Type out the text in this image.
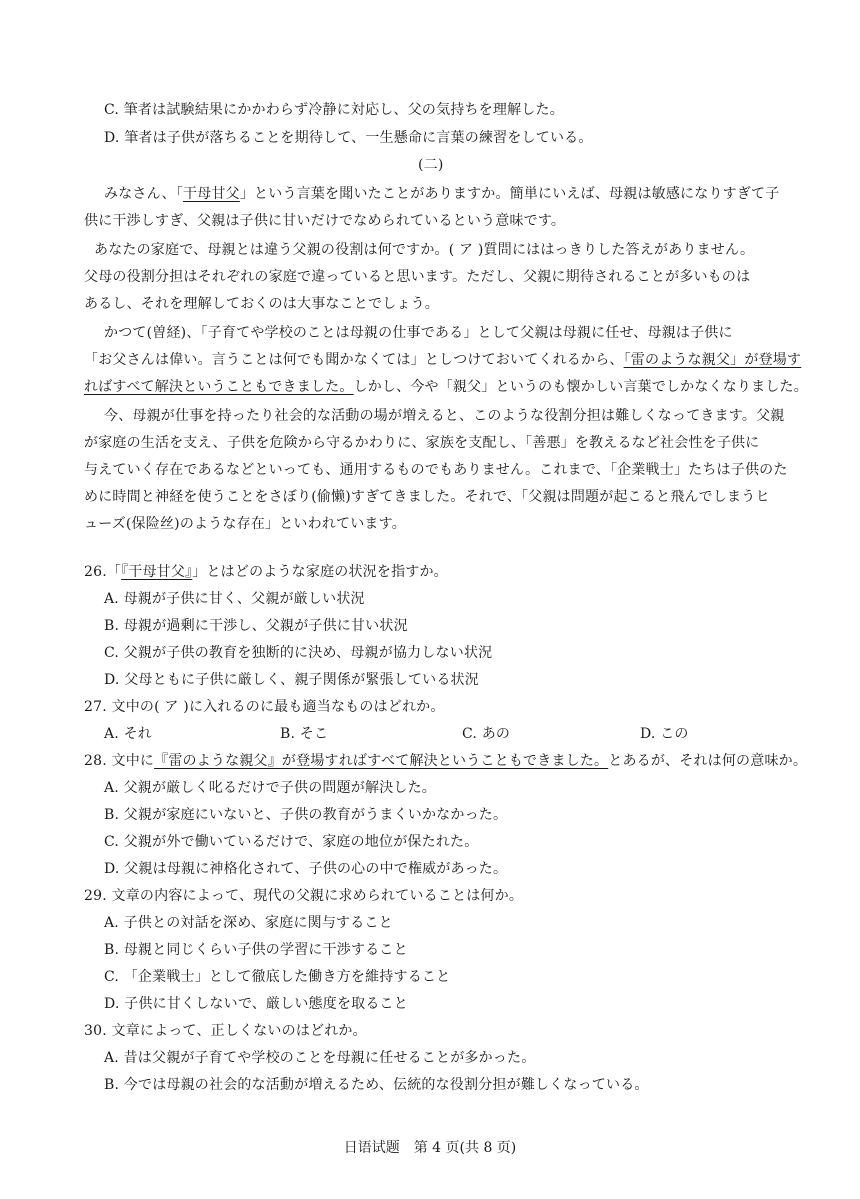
C. 筆者は試験結果にかかわらず冷静に対応し、父の気持ちを理解した。
D. 筆者は子供が落ちることを期待して、一生懸命に言葉の練習をしている。
(二)
みなさん、「干母甘父」という言葉を聞いたことがありますか。簡単にいえば、母親は敏感になりすぎて子
供に干渉しすぎ、父親は子供に甘いだけでなめられているという意味です。
あなたの家庭で、母親とは違う父親の役割は何ですか。( ア )質問にははっきりした答えがありません。
父母の役割分担はそれぞれの家庭で違っていると思います。ただし、父親に期待されることが多いものは
あるし、それを理解しておくのは大事なことでしょう。
かつて(曽経)、「子育てや学校のことは母親の仕事である」として父親は母親に任せ、母親は子供に
「お父さんは偉い。言うことは何でも聞かなくては」としつけておいてくれるから、「雷のような親父」が登場す
ればすべて解決ということもできました。しかし、今や「親父」というのも懐かしい言葉でしかなくなりました。
今、母親が仕事を持ったり社会的な活動の場が増えると、このような役割分担は難しくなってきます。父親
が家庭の生活を支え、子供を危険から守るかわりに、家族を支配し、「善悪」を教えるなど社会性を子供に
与えていく存在であるなどといっても、通用するものでもありません。これまで、「企業戦士」たちは子供のた
めに時間と神経を使うことをさぼり(偷懒)すぎてきました。それで、「父親は問題が起こると飛んでしまうヒ
ューズ(保险丝)のような存在」といわれています。
26.「『干母甘父』」とはどのような家庭の状況を指すか。
A. 母親が子供に甘く、父親が厳しい状況
B. 母親が過剰に干渉し、父親が子供に甘い状況
C. 父親が子供の教育を独断的に決め、母親が協力しない状況
D. 父母ともに子供に厳しく、親子関係が緊張している状況
27. 文中の( ア )に入れるのに最も適当なものはどれか。
A. それ	B. そこ	C. あの	D. この
28. 文中に『雷のような親父』が登場すればすべて解決ということもできました。とあるが、それは何の意味か。
A. 父親が厳しく叱るだけで子供の問題が解決した。
B. 父親が家庭にいないと、子供の教育がうまくいかなかった。
C. 父親が外で働いているだけで、家庭の地位が保たれた。
D. 父親は母親に神格化されて、子供の心の中で権威があった。
29. 文章の内容によって、現代の父親に求められていることは何か。
A. 子供との対話を深め、家庭に関与すること
B. 母親と同じくらい子供の学習に干渉すること
C. 「企業戦士」として徹底した働き方を維持すること
D. 子供に甘くしないで、厳しい態度を取ること
30. 文章によって、正しくないのはどれか。
A. 昔は父親が子育てや学校のことを母親に任せることが多かった。
B. 今では母親の社会的な活動が増えるため、伝統的な役割分担が難しくなっている。
日语试题　第 4 页(共 8 页)
